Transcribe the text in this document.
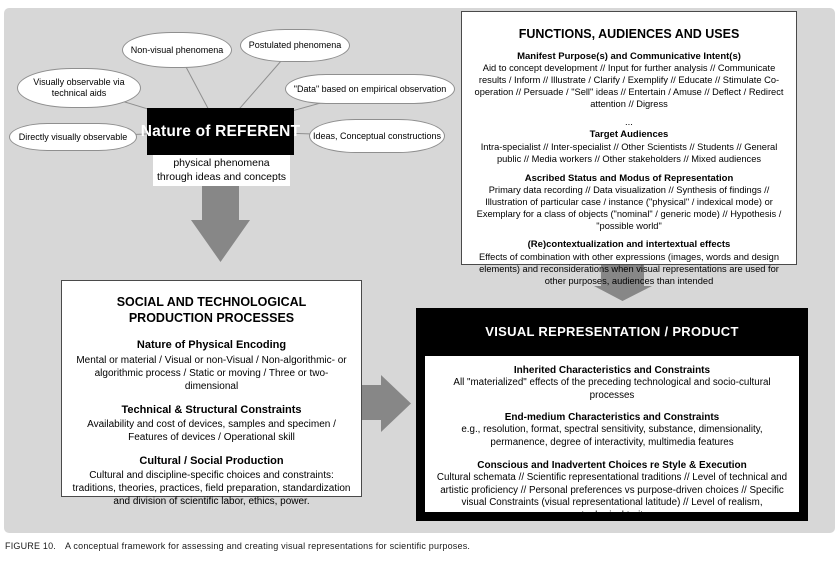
Visually observable via technical aids
Directly visually observable
Non-visual phenomena	Postulated phenomena
"Data" based on empirical observation
Ideas, Conceptual constructions
Nature of REFERENT
physical phenomena through ideas and concepts
FUNCTIONS, AUDIENCES AND USES
Manifest Purpose(s) and Communicative Intent(s)
Aid to concept development // Input for further analysis // Communicate results / Inform // Illustrate / Clarify / Exemplify // Educate // Stimulate Co-operation // Persuade / "Sell" ideas // Entertain / Amuse // Deflect / Redirect attention // Digress
...
Target Audiences
Intra-specialist // Inter-specialist // Other Scientists // Students // General public // Media workers // Other stakeholders // Mixed audiences
Ascribed Status and Modus of Representation
Primary data recording // Data visualization // Synthesis of findings // Illustration of particular case / instance ("physical" / indexical mode) or Exemplary for a class of objects ("nominal" / generic mode) // Hypothesis / "possible world"
(Re)contextualization and intertextual effects
Effects of combination with other expressions (images, words and design elements) and reconsiderations when visual representations are used for other purposes, audiences than intended
SOCIAL AND TECHNOLOGICAL PRODUCTION PROCESSES
Nature of Physical Encoding
Mental or material / Visual or non-Visual / Non-algorithmic- or algorithmic process / Static or moving / Three or two-dimensional
Technical & Structural Constraints
Availability and cost of devices, samples and specimen / Features of devices / Operational skill
Cultural / Social Production
Cultural and discipline-specific choices and constraints: traditions, theories, practices, field preparation, standardization and division of scientific labor, ethics, power.
VISUAL REPRESENTATION / PRODUCT
Inherited Characteristics and Constraints
All "materialized" effects of the preceding technological and socio-cultural processes
End-medium Characteristics and Constraints
e.g., resolution, format, spectral sensitivity, substance, dimensionality, permanence, degree of interactivity, multimedia features
Conscious and Inadvertent Choices re Style & Execution
Cultural schemata // Scientific representational traditions // Level of technical and artistic proficiency // Personal preferences vs purpose-driven choices // Specific visual Constraints (visual representational latitude) // Level of realism, metaphorical traits...
FIGURE 10. A conceptual framework for assessing and creating visual representations for scientific purposes.
